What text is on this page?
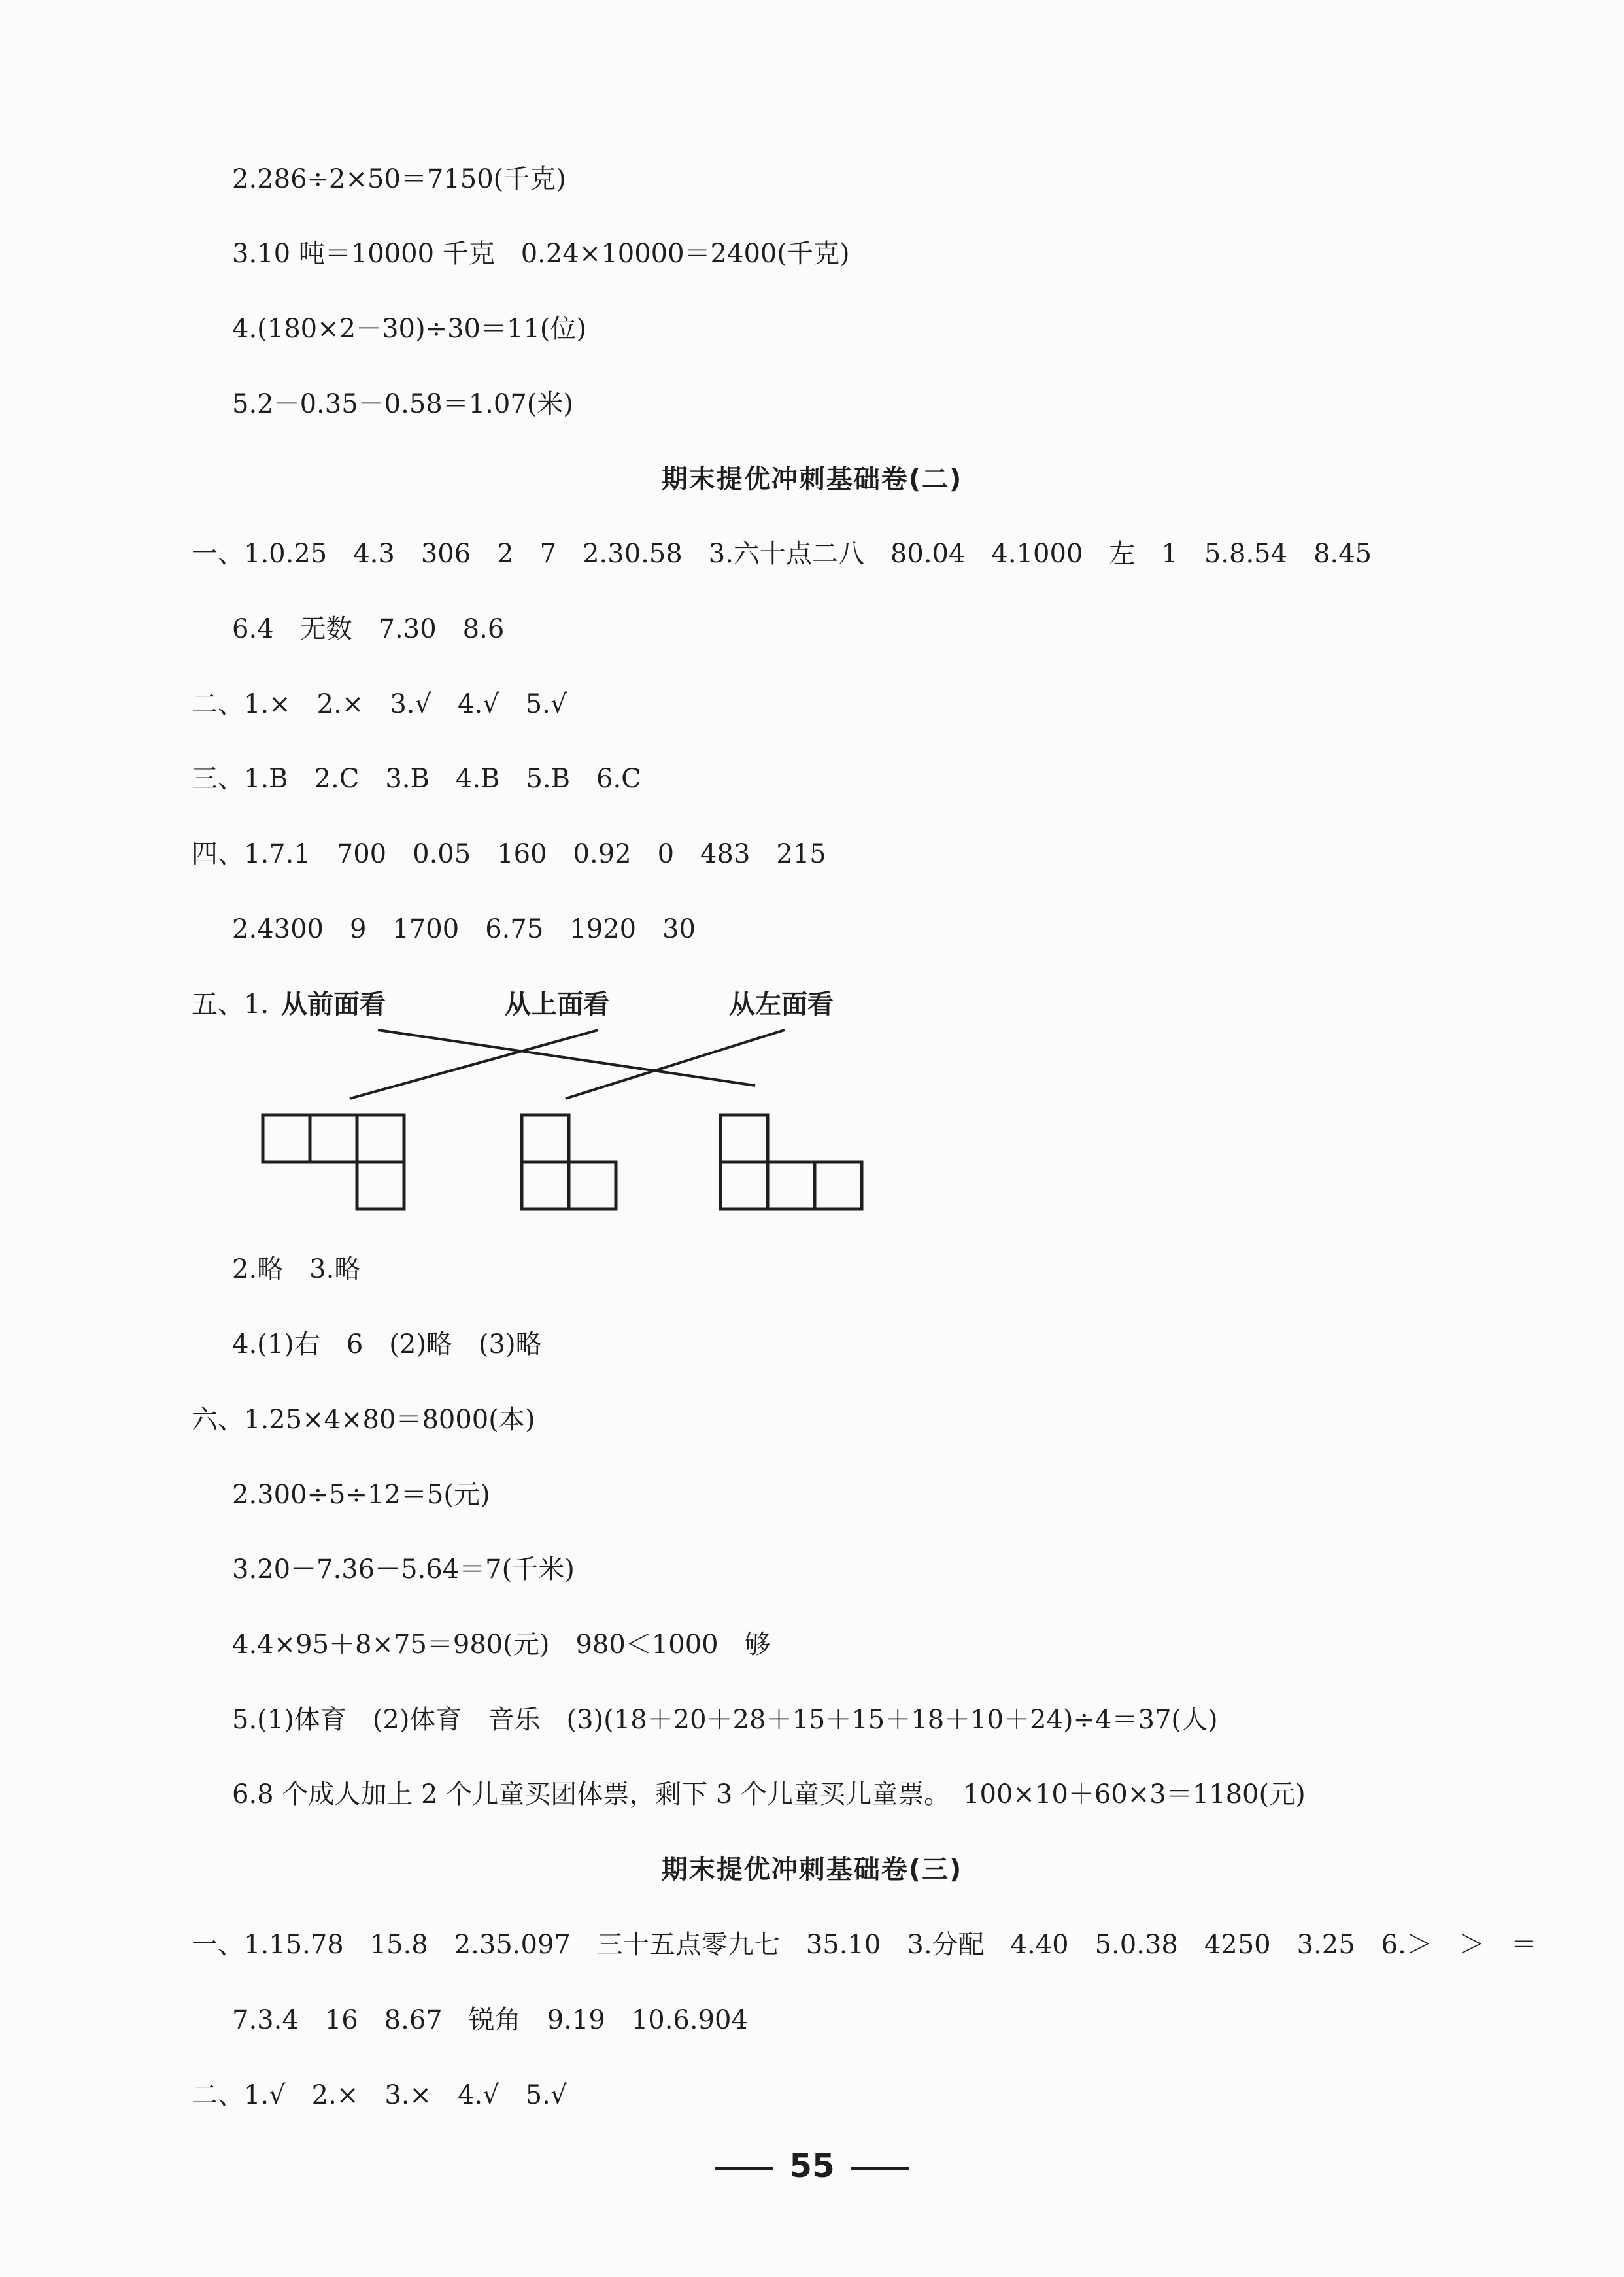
2.286÷2×50＝7150(千克)

3.10 吨＝10000 千克　0.24×10000＝2400(千克)

4.(180×2－30)÷30＝11(位)

5.2－0.35－0.58＝1.07(米)

期末提优冲刺基础卷(二)

一、1.0.25　4.3　306　2　7　2.30.58　3.六十点二八　80.04　4.1000　左　1　5.8.54　8.45

6.4　无数　7.30　8.6

二、1.×　2.×　3.√　4.√　5.√

三、1.B　2.C　3.B　4.B　5.B　6.C

四、1.7.1　700　0.05　160　0.92　0　483　215

2.4300　9　1700　6.75　1920　30

五、1. 从前面看	从上面看	从左面看

2.略　3.略

4.(1)右　6　(2)略　(3)略

六、1.25×4×80＝8000(本)

2.300÷5÷12＝5(元)

3.20－7.36－5.64＝7(千米)

4.4×95＋8×75＝980(元)　980＜1000　够

5.(1)体育　(2)体育　音乐　(3)(18＋20＋28＋15＋15＋18＋10＋24)÷4＝37(人)

6.8 个成人加上 2 个儿童买团体票，剩下 3 个儿童买儿童票。　100×10＋60×3＝1180(元)

期末提优冲刺基础卷(三)

一、1.15.78　15.8　2.35.097　三十五点零九七　35.10　3.分配　4.40　5.0.38　4250　3.25　6.＞　＞　＝

7.3.4　16　8.67　锐角　9.19　10.6.904

二、1.√　2.×　3.×　4.√　5.√

55
